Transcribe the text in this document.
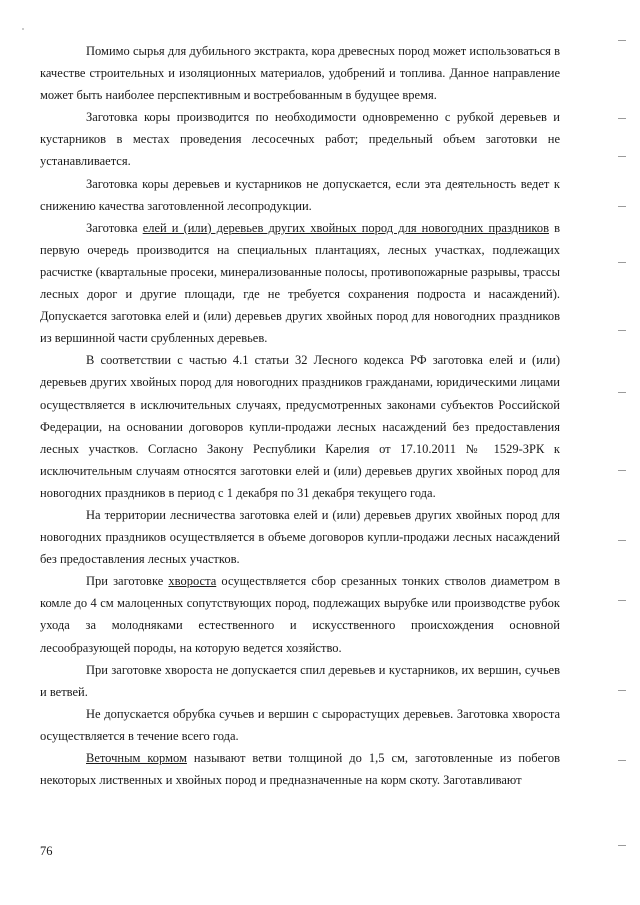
Помимо сырья для дубильного экстракта, кора древесных пород может использоваться в качестве строительных и изоляционных материалов, удобрений и топлива. Данное направление может быть наиболее перспективным и востребованным в будущее время.

Заготовка коры производится по необходимости одновременно с рубкой деревьев и кустарников в местах проведения лесосечных работ; предельный объем заготовки не устанавливается.

Заготовка коры деревьев и кустарников не допускается, если эта деятельность ведет к снижению качества заготовленной лесопродукции.

Заготовка елей и (или) деревьев других хвойных пород для новогодних праздников в первую очередь производится на специальных плантациях, лесных участках, подлежащих расчистке (квартальные просеки, минерализованные полосы, противопожарные разрывы, трассы лесных дорог и другие площади, где не требуется сохранения подроста и насаждений). Допускается заготовка елей и (или) деревьев других хвойных пород для новогодних праздников из вершинной части срубленных деревьев.

В соответствии с частью 4.1 статьи 32 Лесного кодекса РФ заготовка елей и (или) деревьев других хвойных пород для новогодних праздников гражданами, юридическими лицами осуществляется в исключительных случаях, предусмотренных законами субъектов Российской Федерации, на основании договоров купли-продажи лесных насаждений без предоставления лесных участков. Согласно Закону Республики Карелия от 17.10.2011 № 1529-ЗРК к исключительным случаям относятся заготовки елей и (или) деревьев других хвойных пород для новогодних праздников в период с 1 декабря по 31 декабря текущего года.

На территории лесничества заготовка елей и (или) деревьев других хвойных пород для новогодних праздников осуществляется в объеме договоров купли-продажи лесных насаждений без предоставления лесных участков.

При заготовке хвороста осуществляется сбор срезанных тонких стволов диаметром в комле до 4 см малоценных сопутствующих пород, подлежащих вырубке или производстве рубок ухода за молодняками естественного и искусственного происхождения основной лесообразующей породы, на которую ведется хозяйство.

При заготовке хвороста не допускается спил деревьев и кустарников, их вершин, сучьев и ветвей.

Не допускается обрубка сучьев и вершин с сырорастущих деревьев. Заготовка хвороста осуществляется в течение всего года.

Веточным кормом называют ветви толщиной до 1,5 см, заготовленные из побегов некоторых лиственных и хвойных пород и предназначенные на корм скоту. Заготавливают

76
